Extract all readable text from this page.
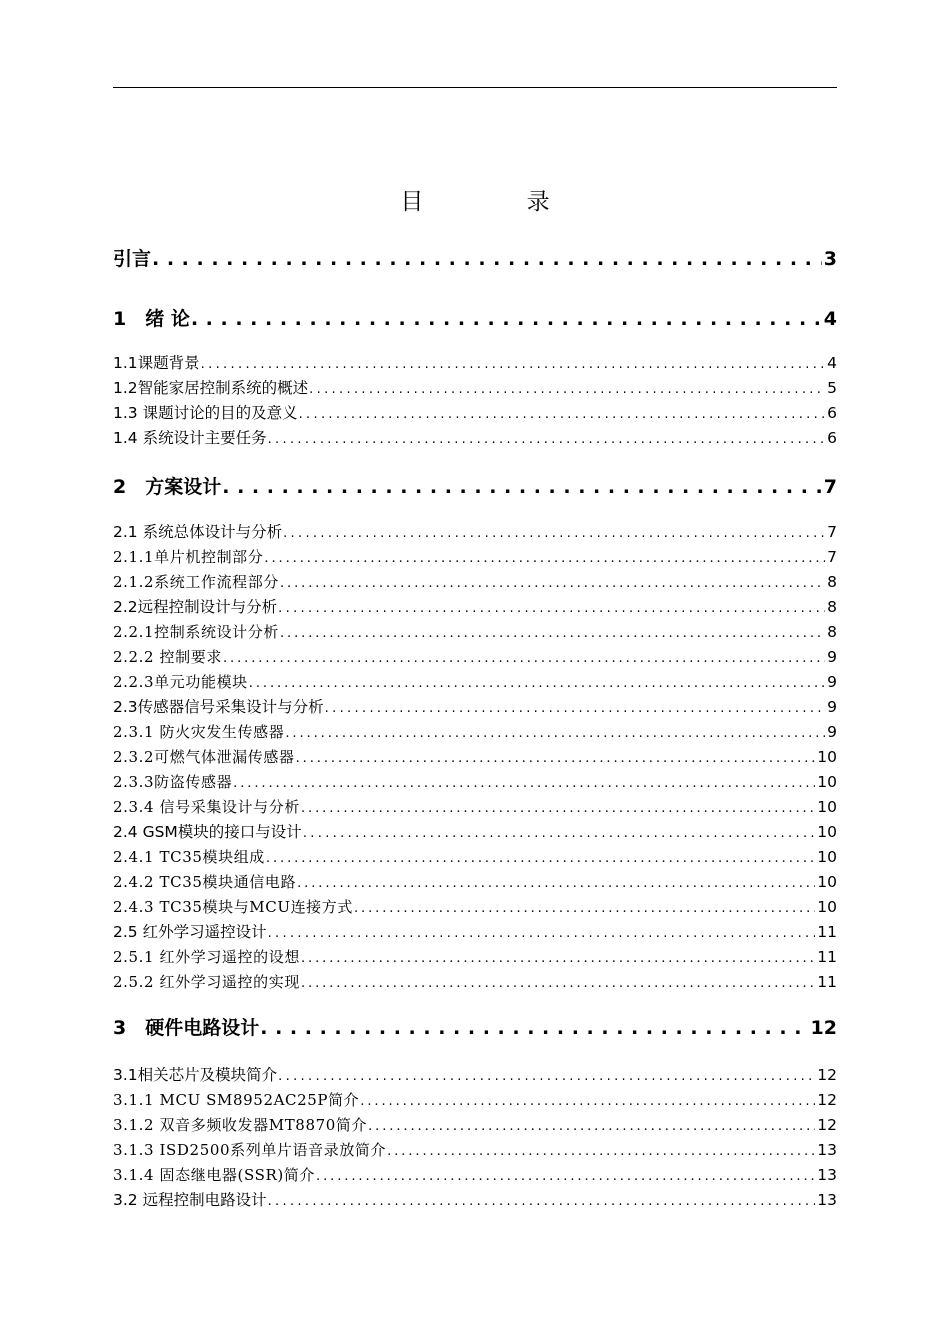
目 录
引言 . . .	3
1　绪 论 . . .	4
1.1课题背景 . . .	4
1.2智能家居控制系统的概述 . . .	5
1.3 课题讨论的目的及意义 . . .	6
1.4 系统设计主要任务 . . .	6
2　方案设计 . . .	7
2.1 系统总体设计与分析 . . .	7
2.1.1单片机控制部分 . . .	7
2.1.2系统工作流程部分 . . .	8
2.2远程控制设计与分析 . . .	8
2.2.1控制系统设计分析 . . .	8
2.2.2 控制要求 . . .	9
2.2.3单元功能模块 . . .	9
2.3传感器信号采集设计与分析 . . .	9
2.3.1 防火灾发生传感器 . . .	9
2.3.2可燃气体泄漏传感器 . . .	10
2.3.3防盗传感器 . . .	10
2.3.4 信号采集设计与分析 . . .	10
2.4 GSM模块的接口与设计 . . .	10
2.4.1 TC35模块组成 . . .	10
2.4.2 TC35模块通信电路 . . .	10
2.4.3 TC35模块与MCU连接方式 . . .	10
2.5 红外学习遥控设计 . . .	11
2.5.1 红外学习遥控的设想 . . .	11
2.5.2 红外学习遥控的实现 . . .	11
3　硬件电路设计 . . .	12
3.1相关芯片及模块简介 . . .	12
3.1.1 MCU SM8952AC25P简介 . . .	12
3.1.2 双音多频收发器MT8870简介 . . .	12
3.1.3 ISD2500系列单片语音录放简介 . . .	13
3.1.4 固态继电器(SSR)简介 . . .	13
3.2 远程控制电路设计 . . .	13
